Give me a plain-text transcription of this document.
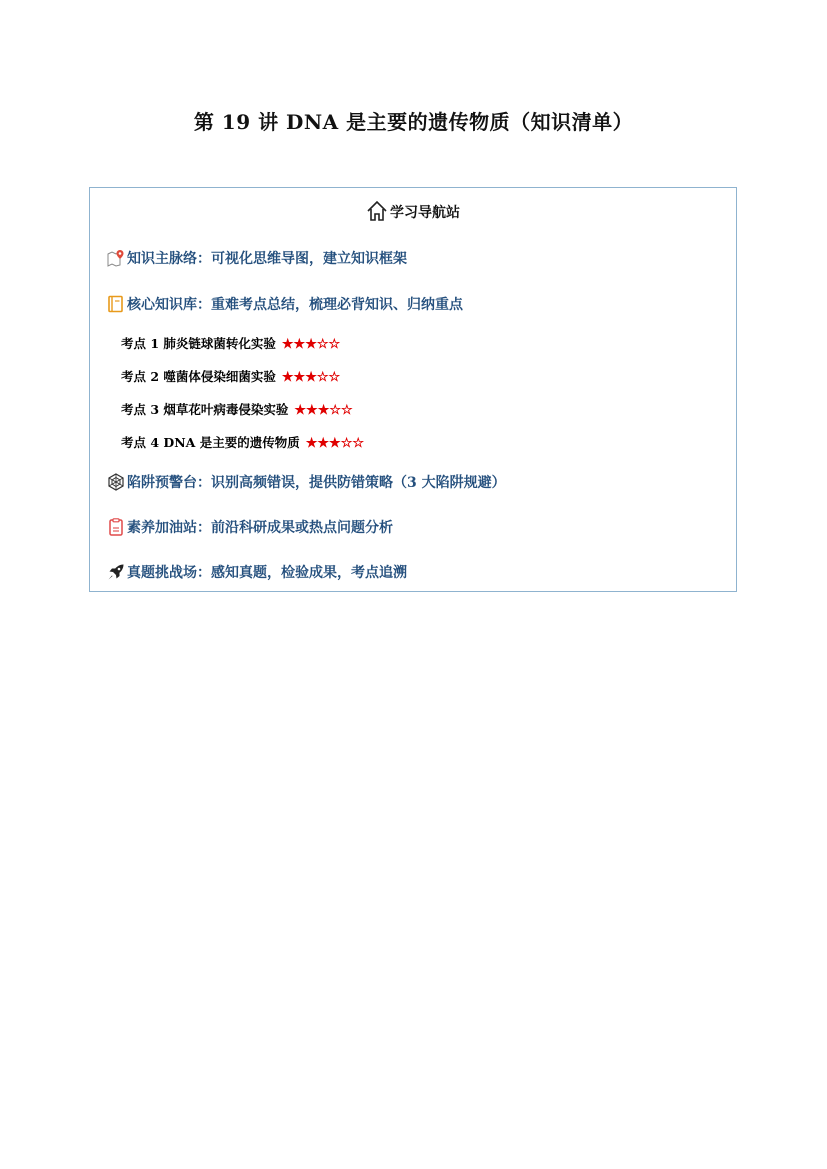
第 19 讲 DNA 是主要的遗传物质（知识清单）
学习导航站
知识主脉络：可视化思维导图，建立知识框架
核心知识库：重难考点总结，梳理必背知识、归纳重点
考点 1 肺炎链球菌转化实验 ★★★☆☆
考点 2 噬菌体侵染细菌实验 ★★★☆☆
考点 3 烟草花叶病毒侵染实验 ★★★☆☆
考点 4 DNA 是主要的遗传物质 ★★★☆☆
陷阱预警台：识别高频错误，提供防错策略（3 大陷阱规避）
素养加油站：前沿科研成果或热点问题分析
真题挑战场：感知真题，检验成果，考点追溯
